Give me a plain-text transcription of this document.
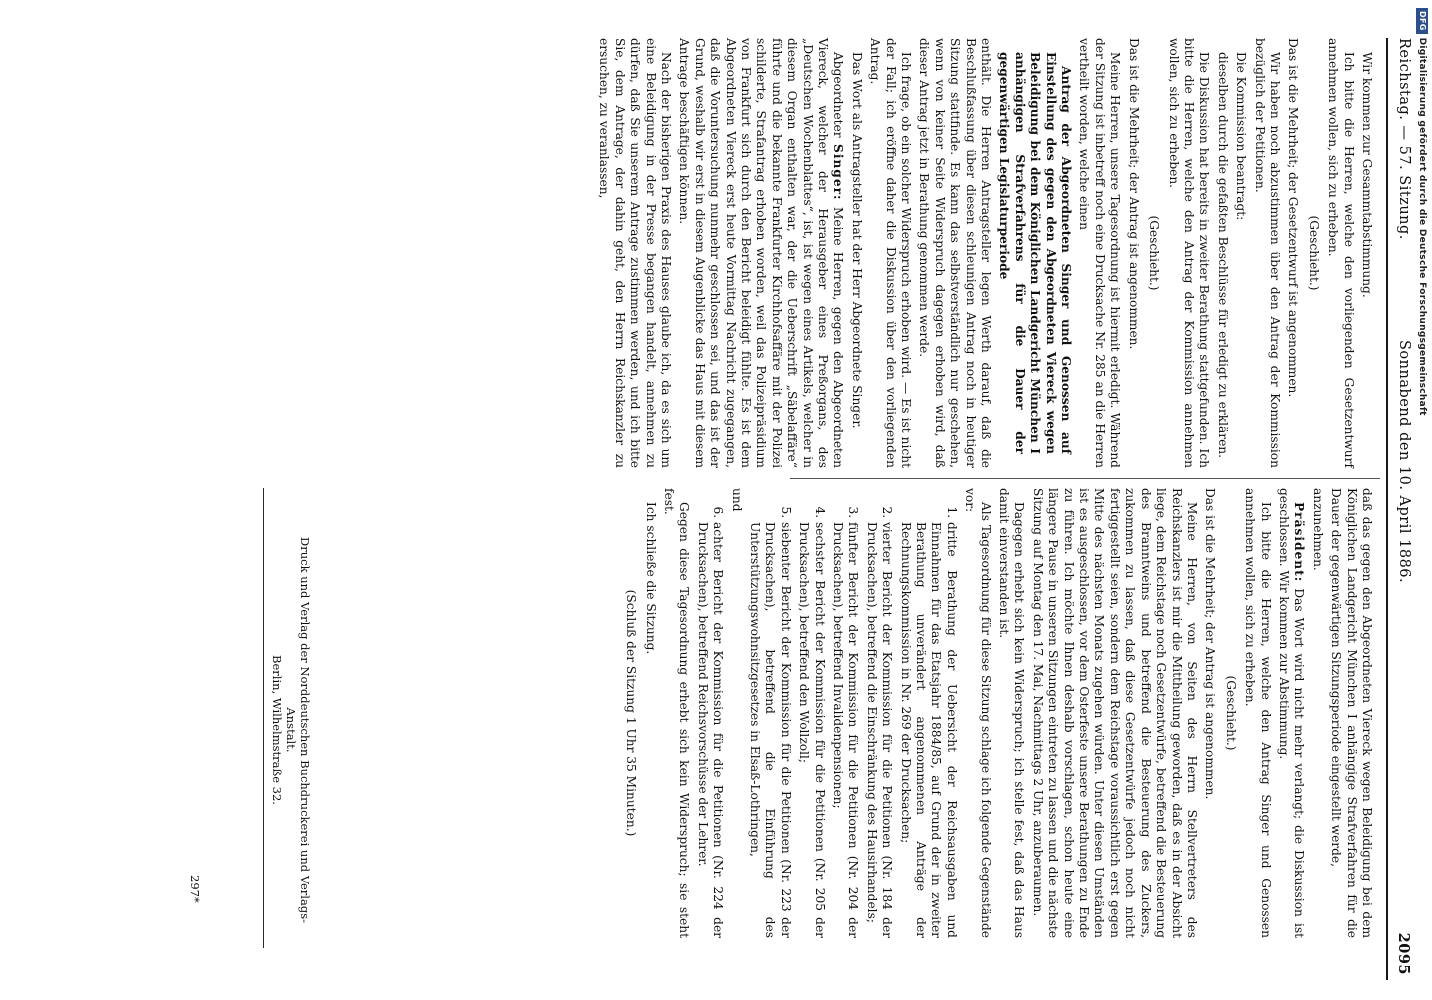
Reichstag. — 57. Sitzung.
Sonnabend den 10. April 1886.
2095

Wir kommen zur Gesammtabstimmung.

Ich bitte die Herren, welche den vorliegenden Gesetzentwurf annehmen wollen, sich zu erheben.

(Geschieht.)

Das ist die Mehrheit; der Gesetzentwurf ist angenommen.

Wir haben noch abzustimmen über den Antrag der Kommission bezüglich der Petitionen.

Die Kommission beantragt:

dieselben durch die gefaßten Beschlüsse für erledigt zu erklären.

Die Diskussion hat bereits in zweiter Berathung stattgefunden. Ich bitte die Herren, welche den Antrag der Kommission annehmen wollen, sich zu erheben.

(Geschieht.)

Das ist die Mehrheit; der Antrag ist angenommen.

Meine Herren, unsere Tagesordnung ist hiermit erledigt. Während der Sitzung ist inbetreff noch eine Drucksache Nr. 285 an die Herren vertheilt worden, welche einen

Antrag der Abgeordneten Singer und Genossen auf Einstellung des gegen den Abgeordneten Viereck wegen Beleidigung bei dem Königlichen Landgericht München I anhängigen Strafverfahrens für die Dauer der gegenwärtigen Legislaturperiode

enthält. Die Herren Antragsteller legen Werth darauf, daß die Beschlußfassung über diesen schleunigen Antrag noch in heutiger Sitzung stattfinde. Es kann das selbstverständlich nur geschehen, wenn von keiner Seite Widerspruch dagegen erhoben wird, daß dieser Antrag jetzt in Berathung genommen werde.

Ich frage, ob ein solcher Widerspruch erhoben wird. — Es ist nicht der Fall; ich eröffne daher die Diskussion über den vorliegenden Antrag.

Das Wort als Antragsteller hat der Herr Abgeordnete Singer.

Abgeordneter Singer: Meine Herren, gegen den Abgeordneten Viereck, welcher der Herausgeber eines Preßorgans, des „Deutschen Wochenblattes“, ist, ist wegen eines Artikels, welcher in diesem Organ enthalten war, der die Ueberschrift „Säbelaffäre“ führte und die bekannte Frankfurter Kirchhofsaffäre mit der Polizei schilderte, Strafantrag erhoben worden, weil das Polizeipräsidium von Frankfurt sich durch den Bericht beleidigt fühlte. Es ist dem Abgeordneten Viereck erst heute Vormittag Nachricht zugegangen, daß die Voruntersuchung nunmehr geschlossen sei, und das ist der Grund, weshalb wir erst in diesem Augenblicke das Haus mit diesem Antrage beschäftigen können.

Nach der bisherigen Praxis des Hauses glaube ich, da es sich um eine Beleidigung in der Presse begangen handelt, annehmen zu dürfen, daß Sie unserem Antrage zustimmen werden, und ich bitte Sie, dem Antrage, der dahin geht, den Herrn Reichskanzler zu ersuchen, zu veranlassen,

daß das gegen den Abgeordneten Viereck wegen Beleidigung bei dem Königlichen Landgericht München I anhängige Strafverfahren für die Dauer der gegenwärtigen Sitzungsperiode eingestellt werde,

anzunehmen.

Präsident: Das Wort wird nicht mehr verlangt; die Diskussion ist geschlossen. Wir kommen zur Abstimmung.

Ich bitte die Herren, welche den Antrag Singer und Genossen annehmen wollen, sich zu erheben.

(Geschieht.)

Das ist die Mehrheit; der Antrag ist angenommen.

Meine Herren, von Seiten des Herrn Stellvertreters des Reichskanzlers ist mir die Mittheilung geworden, daß es in der Absicht liege, dem Reichstage noch Gesetzentwürfe, betreffend die Besteuerung des Branntweins und betreffend die Besteuerung des Zuckers, zukommen zu lassen, daß diese Gesetzentwürfe jedoch noch nicht fertiggestellt seien, sondern dem Reichstage voraussichtlich erst gegen Mitte des nächsten Monats zugehen würden. Unter diesen Umständen ist es ausgeschlossen, vor dem Osterfeste unsere Berathungen zu Ende zu führen. Ich möchte Ihnen deshalb vorschlagen, schon heute eine längere Pause in unseren Sitzungen eintreten zu lassen und die nächste Sitzung auf Montag den 17. Mai, Nachmittags 2 Uhr, anzuberaumen.

Dagegen erhebt sich kein Widerspruch; ich stelle fest, daß das Haus damit einverstanden ist.

Als Tagesordnung für diese Sitzung schlage ich folgende Gegenstände vor:

1. dritte Berathung der Uebersicht der Reichsausgaben und Einnahmen für das Etatsjahr 1884/85, auf Grund der in zweiter Berathung unverändert angenommenen Anträge der Rechnungskommission in Nr. 269 der Drucksachen;
2. vierter Bericht der Kommission für die Petitionen (Nr. 184 der Drucksachen), betreffend die Einschränkung des Hausirhandels;
3. fünfter Bericht der Kommission für die Petitionen (Nr. 204 der Drucksachen), betreffend Invalidenpensionen;
4. sechster Bericht der Kommission für die Petitionen (Nr. 205 der Drucksachen), betreffend den Wollzoll;
5. siebenter Bericht der Kommission für die Petitionen (Nr. 223 der Drucksachen), betreffend die Einführung des Unterstützungswohnsitzgesetzes in Elsaß-Lothringen,

und

6. achter Bericht der Kommission für die Petitionen (Nr. 224 der Drucksachen), betreffend Reichsvorschüsse der Lehrer.

Gegen diese Tagesordnung erhebt sich kein Widerspruch; sie steht fest.

Ich schließe die Sitzung.

(Schluß der Sitzung 1 Uhr 35 Minuten.)

Druck und Verlag der Norddeutschen Buchdruckerei und Verlags-Anstalt.
Berlin, Wilhelmstraße 32.
297*
DFGDigitalisierung gefördert durch die Deutsche Forschungsgemeinschaft
